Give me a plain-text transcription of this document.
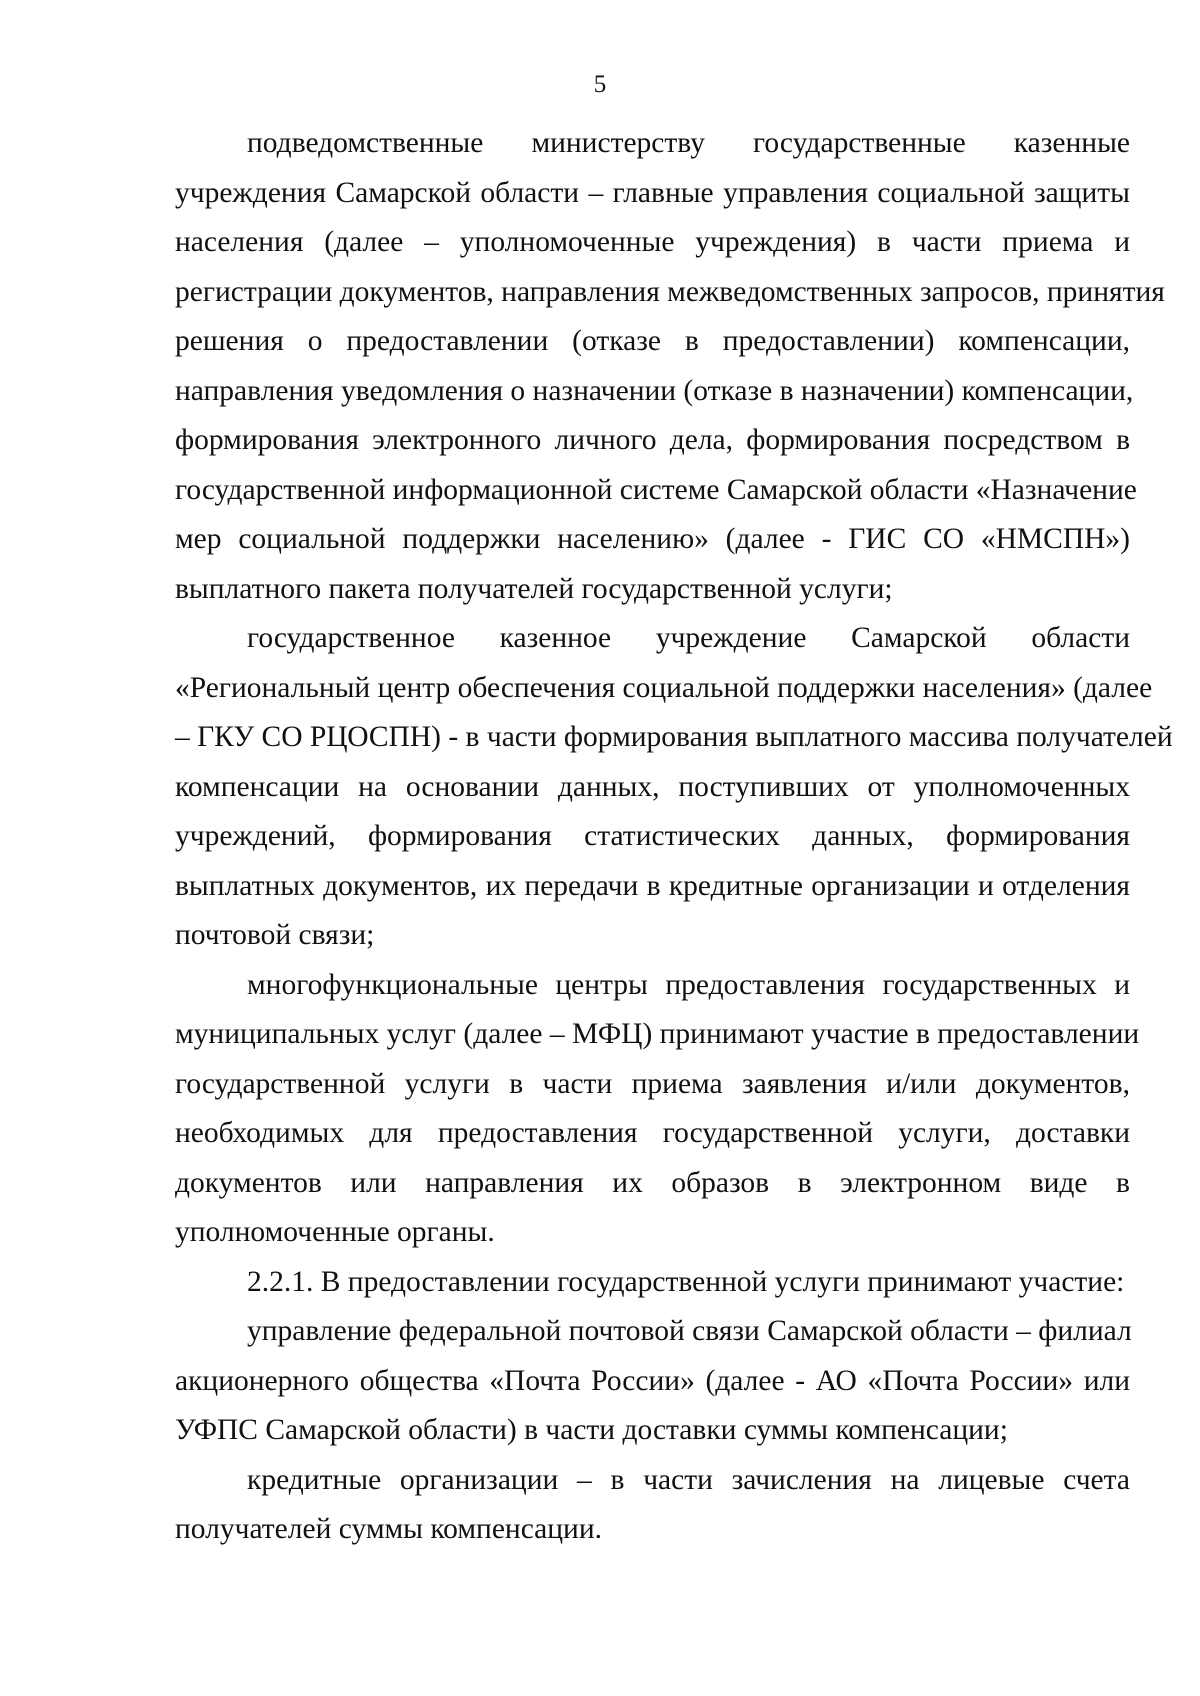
5

подведомственные министерству государственные казенные
учреждения Самарской области – главные управления социальной защиты
населения (далее – уполномоченные учреждения) в части приема и
регистрации документов, направления межведомственных запросов, принятия
решения о предоставлении (отказе в предоставлении) компенсации,
направления уведомления о назначении (отказе в назначении) компенсации,
формирования электронного личного дела, формирования посредством в
государственной информационной системе Самарской области «Назначение
мер социальной поддержки населению» (далее - ГИС СО «НМСПН»)
выплатного пакета получателей государственной услуги;

государственное казенное учреждение Самарской области
«Региональный центр обеспечения социальной поддержки населения» (далее
– ГКУ СО РЦОСПН) - в части формирования выплатного массива получателей
компенсации на основании данных, поступивших от уполномоченных
учреждений, формирования статистических данных, формирования
выплатных документов, их передачи в кредитные организации и отделения
почтовой связи;

многофункциональные центры предоставления государственных и
муниципальных услуг (далее – МФЦ) принимают участие в предоставлении
государственной услуги в части приема заявления и/или документов,
необходимых для предоставления государственной услуги, доставки
документов или направления их образов в электронном виде в
уполномоченные органы.

2.2.1. В предоставлении государственной услуги принимают участие:

управление федеральной почтовой связи Самарской области – филиал
акционерного общества «Почта России» (далее - АО «Почта России» или
УФПС Самарской области) в части доставки суммы компенсации;

кредитные организации – в части зачисления на лицевые счета
получателей суммы компенсации.
